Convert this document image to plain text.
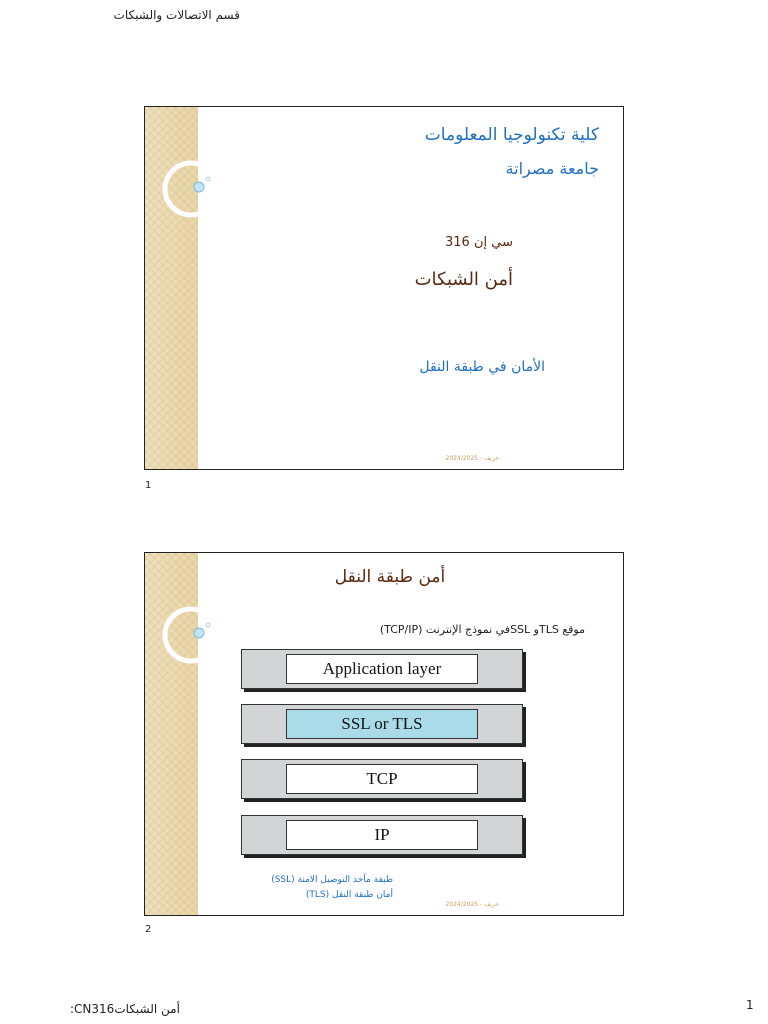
قسم الاتصالات والشبكات
كلية تكنولوجيا المعلومات
جامعة مصراتة
سي إن 316
أمن الشبكات
الأمان في طبقة النقل
خريف - 2024/2025
1
أمن طبقة النقل
موقع TLSو SSLفي نموذج الإنترنت (TCP/IP)
Application layer
SSL or TLS
TCP
IP
طبقة مآخذ التوصيل الامنة (SSL)
أمان طبقة النقل (TLS)
خريف - 2024/2025
2
:CN316أمن الشبكات	1
